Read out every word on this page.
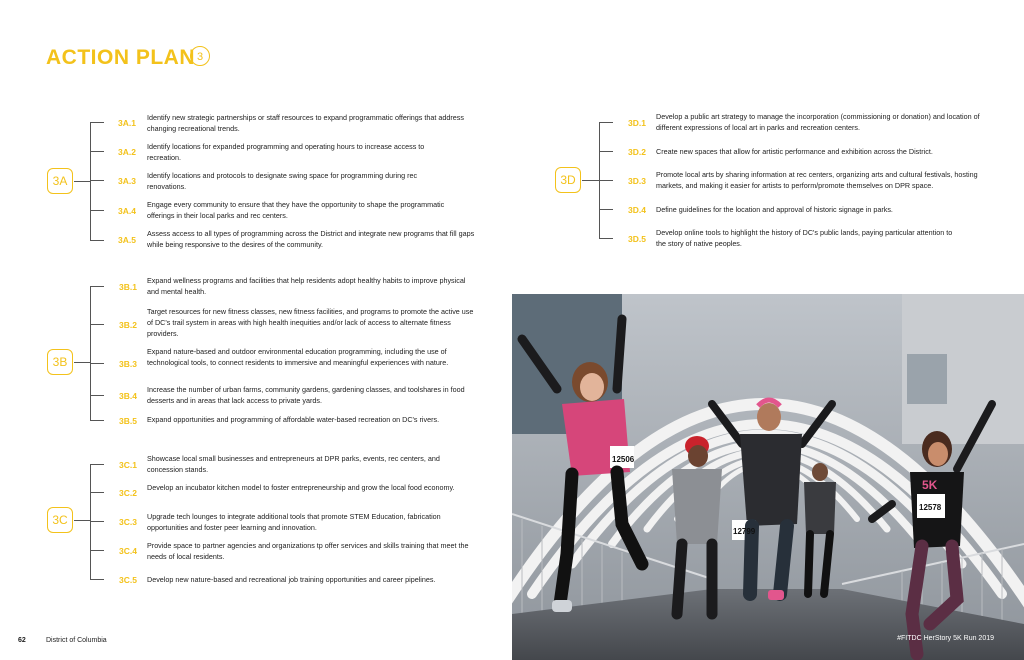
ACTION PLAN 3
3A
3A.1
Identify new strategic partnerships or staff resources to expand programmatic offerings that address changing recreational trends.
3A.2
Identify locations for expanded programming and operating hours to increase access to recreation.
3A.3
Identify locations and protocols to designate swing space for programming during rec renovations.
3A.4
Engage every community to ensure that they have the opportunity to shape the programmatic offerings in their local parks and rec centers.
3A.5
Assess access to all types of programming across the District and integrate new programs that fill gaps while being responsive to the desires of the community.
3B
3B.1
Expand wellness programs and facilities that help residents adopt healthy habits to improve physical and mental health.
3B.2
Target resources for new fitness classes, new fitness facilities, and programs to promote the active use of DC's trail system in areas with high health inequities and/or lack of access to alternate fitness providers.
3B.3
Expand nature-based and outdoor environmental education programming, including the use of technological tools, to connect residents to immersive and meaningful experiences with nature.
3B.4
Increase the number of urban farms, community gardens, gardening classes, and toolshares in food desserts and in areas that lack access to private yards.
3B.5 Expand opportunities and programming of affordable water-based recreation on DC's rivers.
3C
3C.1
Showcase local small businesses and entrepreneurs at DPR parks, events, rec centers, and concession stands.
3C.2
Develop an incubator kitchen model to foster entrepreneurship and grow the local food economy.
3C.3
Upgrade tech lounges to integrate additional tools that promote STEM Education, fabrication opportunities and foster peer learning and innovation.
3C.4
Provide space to partner agencies and organizations tp offer services and skills training that meet the needs of local residents.
3C.5 Develop new nature-based and recreational job training opportunities and career pipelines.
3D
3D.1
Develop a public art strategy to manage the incorporation (commissioning or donation) and location of different expressions of local art in parks and recreation centers.
3D.2 Create new spaces that allow for artistic performance and exhibition across the District.
3D.3
Promote local arts by sharing information at rec centers, organizing arts and cultural festivals, hosting markets, and making it easier for artists to perform/promote themselves on DPR space.
3D.4 Define guidelines for the location and approval of historic signage in parks.
3D.5
Develop online tools to highlight the history of DC's public lands, paying particular attention to the story of native peoples.
12506
12799
12578
5K
#FITDC HerStory 5K Run 2019
62	District of Columbia
